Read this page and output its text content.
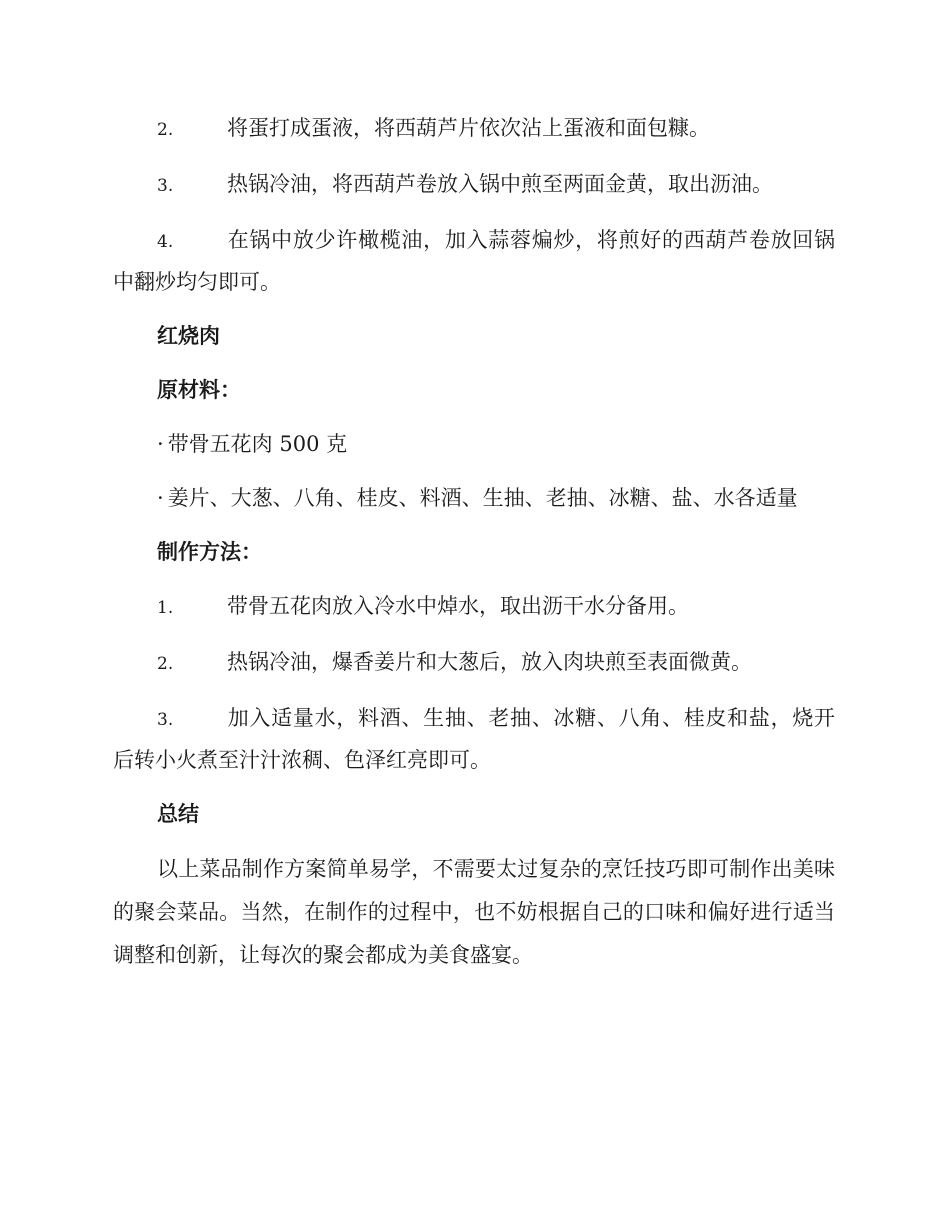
2.	将蛋打成蛋液，将西葫芦片依次沾上蛋液和面包糠。

3.	热锅冷油，将西葫芦卷放入锅中煎至两面金黄，取出沥油。

4.	在锅中放少许橄榄油，加入蒜蓉煸炒，将煎好的西葫芦卷放回锅中翻炒均匀即可。

红烧肉

原材料：

· 带骨五花肉 500 克

· 姜片、大葱、八角、桂皮、料酒、生抽、老抽、冰糖、盐、水各适量

制作方法：

1.	带骨五花肉放入冷水中焯水，取出沥干水分备用。

2.	热锅冷油，爆香姜片和大葱后，放入肉块煎至表面微黄。

3.	加入适量水，料酒、生抽、老抽、冰糖、八角、桂皮和盐，烧开后转小火煮至汁汁浓稠、色泽红亮即可。

总结

以上菜品制作方案简单易学，不需要太过复杂的烹饪技巧即可制作出美味的聚会菜品。当然，在制作的过程中，也不妨根据自己的口味和偏好进行适当调整和创新，让每次的聚会都成为美食盛宴。
